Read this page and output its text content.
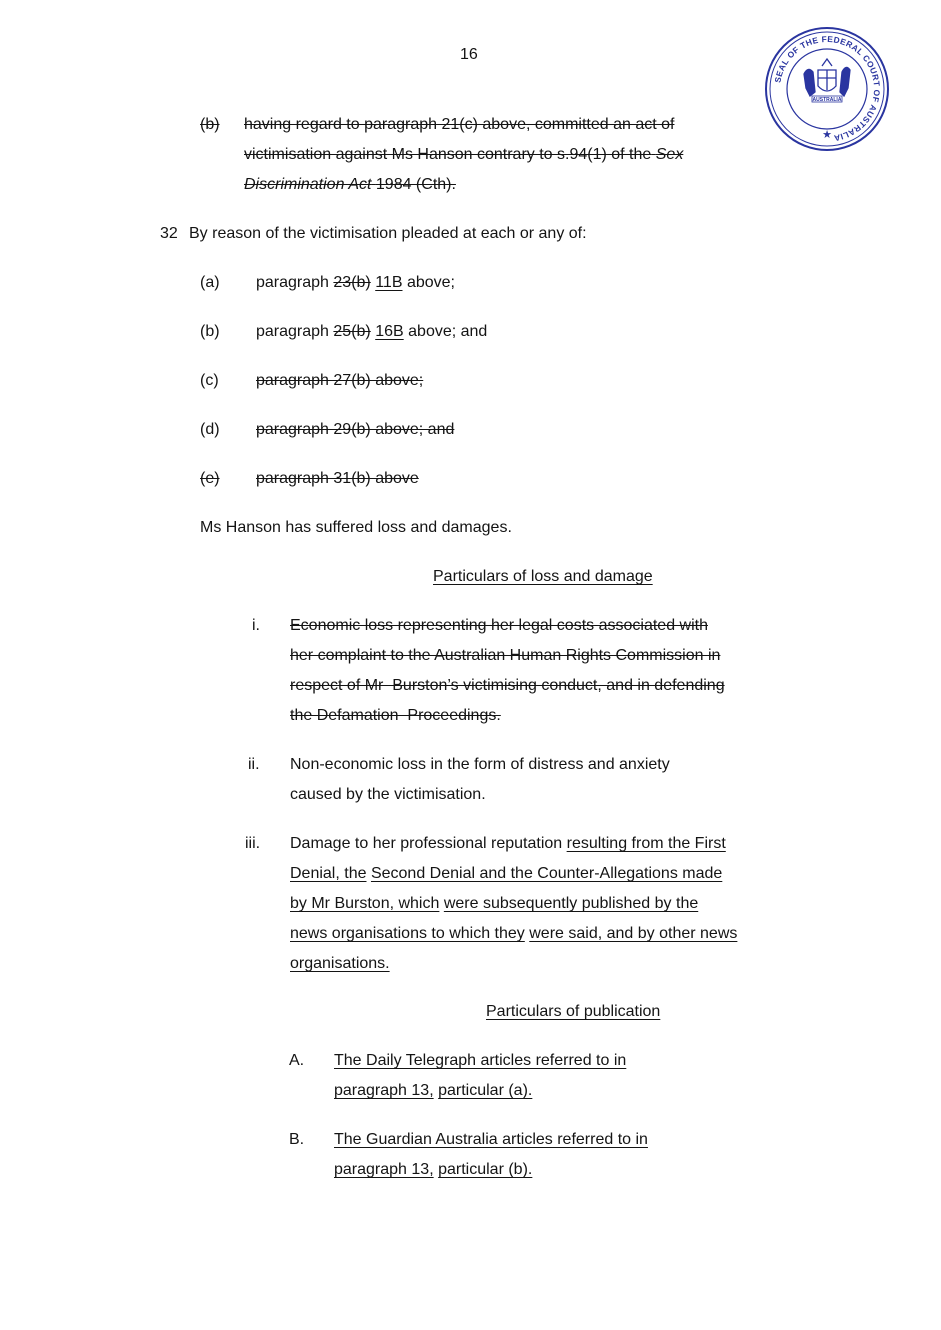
16
SEAL OF THE FEDERAL COURT OF AUSTRALIA
AUSTRALIA
★
(b) having regard to paragraph 21(c) above, committed an act of
victimisation against Ms Hanson contrary to s.94(1) of the Sex
Discrimination Act 1984 (Cth).
32 By reason of the victimisation pleaded at each or any of:
(a) paragraph 23(b) 11B above;
(b) paragraph 25(b) 16B above; and
(c) paragraph 27(b) above;
(d) paragraph 29(b) above; and
(e) paragraph 31(b) above
Ms Hanson has suffered loss and damages.
Particulars of loss and damage
i. Economic loss representing her legal costs associated with
her complaint to the Australian Human Rights Commission in
respect of Mr  Burston’s victimising conduct, and in defending
the Defamation  Proceedings.
ii. Non-economic loss in the form of distress and anxiety
caused by the victimisation.
iii. Damage to her professional reputation resulting from the First
Denial, the Second Denial and the Counter-Allegations made
by Mr Burston, which were subsequently published by the
news organisations to which they were said, and by other news
organisations.
Particulars of publication
A. The Daily Telegraph articles referred to in
paragraph 13, particular (a).
B. The Guardian Australia articles referred to in
paragraph 13, particular (b).
